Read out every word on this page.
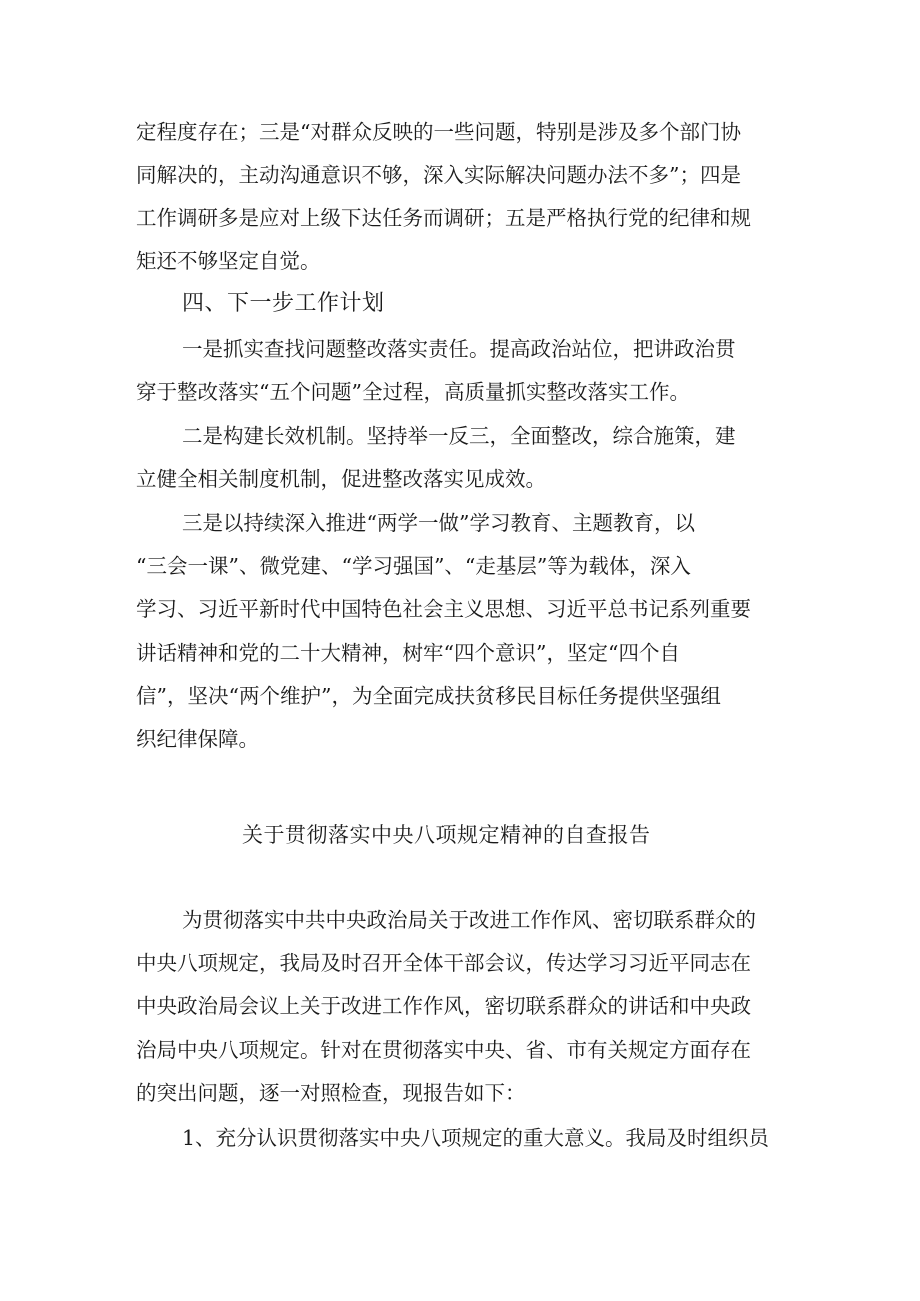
定程度存在；三是“对群众反映的一些问题，特别是涉及多个部门协

同解决的，主动沟通意识不够，深入实际解决问题办法不多”；四是

工作调研多是应对上级下达任务而调研；五是严格执行党的纪律和规

矩还不够坚定自觉。

四、下一步工作计划

一是抓实查找问题整改落实责任。提高政治站位，把讲政治贯

穿于整改落实“五个问题”全过程，高质量抓实整改落实工作。

二是构建长效机制。坚持举一反三，全面整改，综合施策，建

立健全相关制度机制，促进整改落实见成效。

三是以持续深入推进“两学一做”学习教育、主题教育，以

“三会一课”、微党建、“学习强国”、“走基层”等为载体，深入

学习、习近平新时代中国特色社会主义思想、习近平总书记系列重要

讲话精神和党的二十大精神，树牢“四个意识”，坚定“四个自

信”，坚决“两个维护”，为全面完成扶贫移民目标任务提供坚强组

织纪律保障。

关于贯彻落实中央八项规定精神的自查报告

为贯彻落实中共中央政治局关于改进工作作风、密切联系群众的

中央八项规定，我局及时召开全体干部会议，传达学习习近平同志在

中央政治局会议上关于改进工作作风，密切联系群众的讲话和中央政

治局中央八项规定。针对在贯彻落实中央、省、市有关规定方面存在

的突出问题，逐一对照检查，现报告如下：

1、充分认识贯彻落实中央八项规定的重大意义。我局及时组织员
